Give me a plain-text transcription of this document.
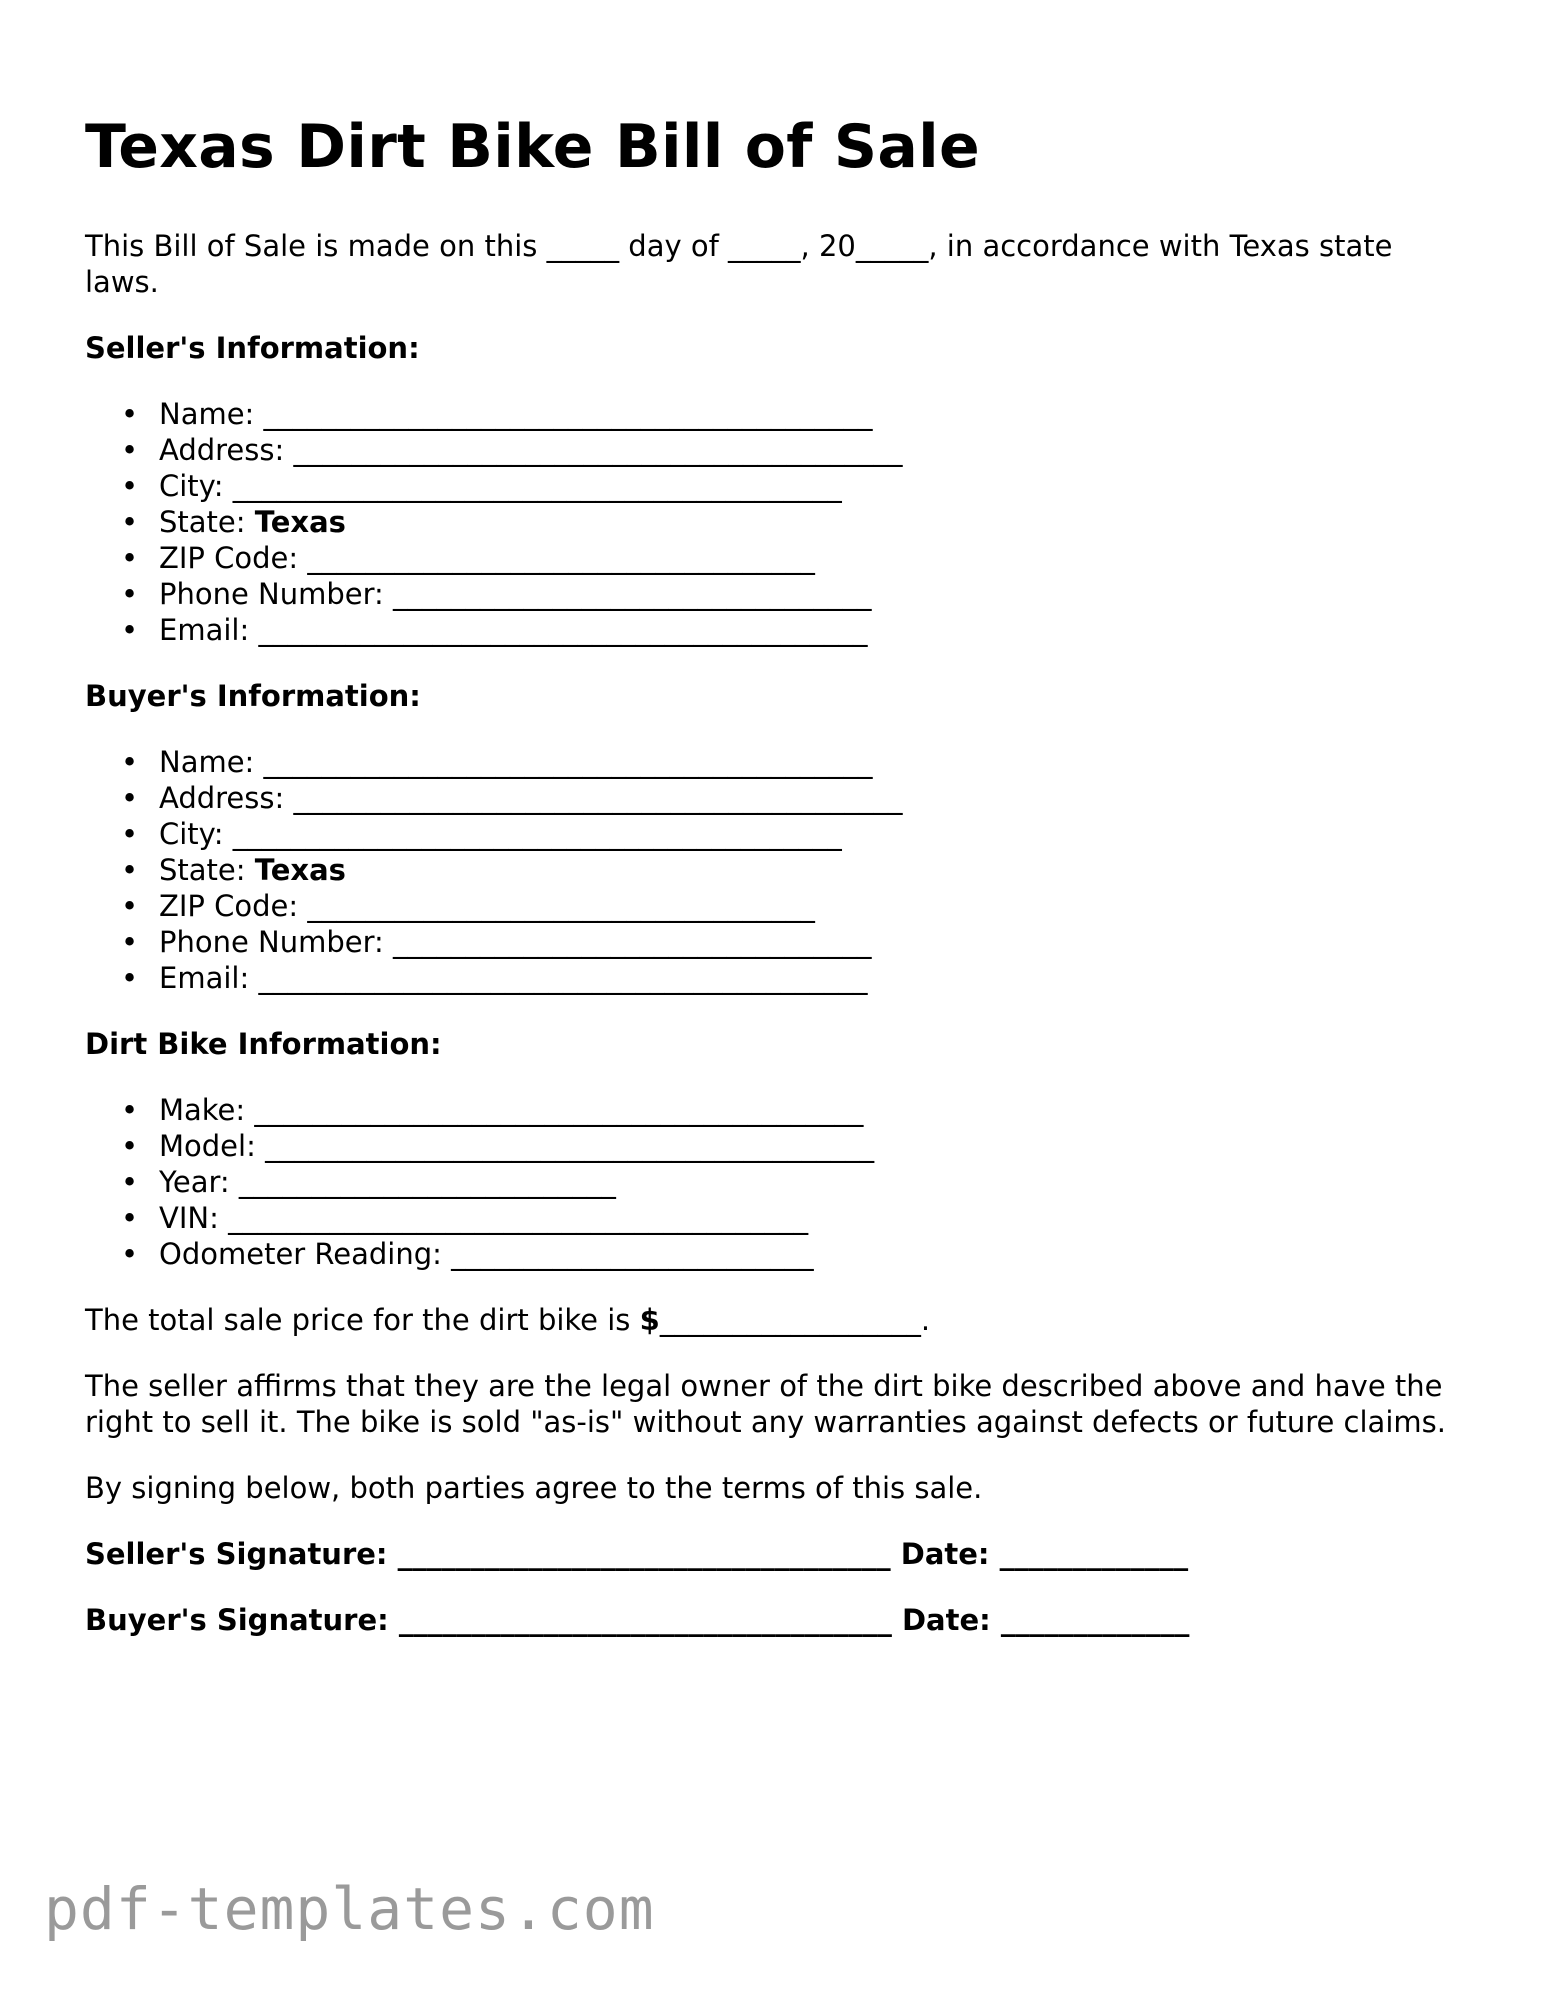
Texas Dirt Bike Bill of Sale

This Bill of Sale is made on this _____ day of _____, 20_____, in accordance with Texas state laws.

Seller's Information:
• Name: __________________________________________
• Address: __________________________________________
• City: __________________________________________
• State: Texas
• ZIP Code: ___________________________________
• Phone Number: _________________________________
• Email: __________________________________________
Buyer's Information:
• Name: __________________________________________
• Address: __________________________________________
• City: __________________________________________
• State: Texas
• ZIP Code: ___________________________________
• Phone Number: _________________________________
• Email: __________________________________________
Dirt Bike Information:
• Make: __________________________________________
• Model: __________________________________________
• Year: __________________________
• VIN: ________________________________________
• Odometer Reading: _________________________

The total sale price for the dirt bike is $__________________.

The seller affirms that they are the legal owner of the dirt bike described above and have the right to sell it. The bike is sold "as-is" without any warranties against defects or future claims.

By signing below, both parties agree to the terms of this sale.

Seller's Signature: __________________________________ Date: _____________

Buyer's Signature: __________________________________ Date: _____________

pdf-templates.com
